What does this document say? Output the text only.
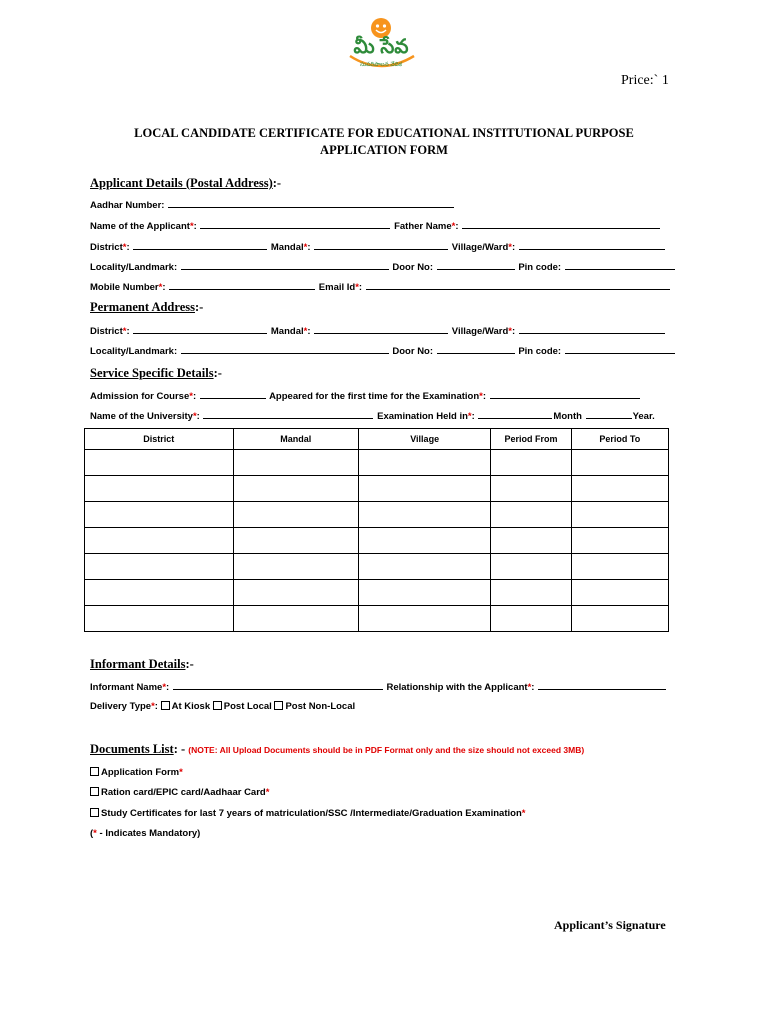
మీ సేవ
సుపరిపాలన వేదిక
Price:` 1
LOCAL CANDIDATE CERTIFICATE FOR EDUCATIONAL INSTITUTIONAL PURPOSE
APPLICATION FORM
Applicant Details (Postal Address):-
Aadhar Number:
Name of the Applicant*:	Father Name*:
District*:	Mandal*:	Village/Ward*:
Locality/Landmark:	Door No:	Pin code:
Mobile Number*:	Email Id*:
Permanent Address:-
District*:	Mandal*:	Village/Ward*:
Locality/Landmark:	Door No:	Pin code:
Service Specific Details:-
Admission for Course*:	Appeared for the first time for the Examination*:
Name of the University*:	Examination Held in*:	Month	Year.
District	Mandal	Village	Period From	Period To

Informant Details:-
Informant Name*:	Relationship with the Applicant*:
Delivery Type*: At Kiosk Post Local Post Non-Local
Documents List: - (NOTE: All Upload Documents should be in PDF Format only and the size should not exceed 3MB)
Application Form*
Ration card/EPIC card/Aadhaar Card*
Study Certificates for last 7 years of matriculation/SSC /Intermediate/Graduation Examination*
(* - Indicates Mandatory)
Applicant’s Signature
